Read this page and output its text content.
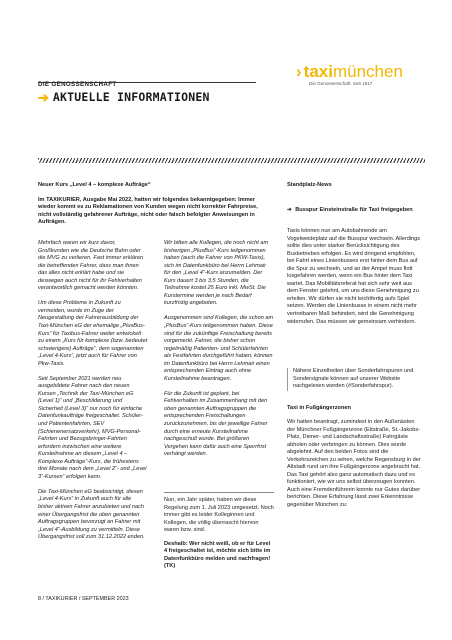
DIE GENOSSENSCHAFT
➔ AKTUELLE INFORMATIONEN
› taxi münchen
Die Genossenschaft. Seit 1917.
Neuer Kurs „Level 4 – komplexe Aufträge“
Im TAXIKURIER, Ausgabe Mai 2022, hatten wir folgendes bekanntgegeben: Immer wieder kommt es zu Reklamationen von Kunden wegen nicht korrekter Fahrpreise, nicht vollständig gefahrener Aufträge, nicht oder falsch befolgter Anweisungen in Aufträgen.

Mehrfach waren wir kurz davor, Großkunden wie die Deutsche Bahn oder die MVG zu verlieren. Fast immer erklären die betreffenden Fahrer, dass man ihnen das alles nicht erklärt habe und sie deswegen auch nicht für ihr Fehlverhalten verantwortlich gemacht werden könnten.

Um diese Probleme in Zukunft zu vermeiden, wurde im Zuge der Neugestaltung der Fahrerausbildung der Taxi-München eG der ehemalige „PlusBus-Kurs“ für Taxibus-Fahrer weiter entwickelt zu einem „Kurs für komplexe (bzw. bedeutet schwierigere) Aufträge“, dem sogenannten „Level 4-Kurs“, jetzt auch für Fahrer von Pkw-Taxis.

Seit September 2021 werden neu ausgebildete Fahrer nach den neuen Kursen „Technik der Taxi-München eG (Level 1)“ und „Beschilderung und Sicherheit (Level 3)“ nur noch für einfache Datenfunkaufträge freigeschaltet. Schüler- und Patientenfahrten, SEV (Schienenersatzverkehr), MVG-Personal-Fahrten und Bezugsbringer-Fahrten erfordern inzwischen eine weitere Kursteilnahme an diesem „Level 4 – Komplexe Aufträge“-Kurs, die frühestens drei Monate nach dem „Level 2“- und „Level 3“-Kursen“ erfolgen kann.

Die Taxi-München eG beabsichtigt, diesen „Level 4-Kurs“ in Zukunft auch für alle bisher aktiven Fahrer anzubieten und nach einer Übergangsfrist die oben genannten Auftragsgruppen bevorzugt an Fahrer mit „Level 4“-Ausbildung zu vermitteln. Diese Übergangsfrist soll zum 31.12.2022 enden.

Wir bitten alle Kollegen, die noch nicht am bisherigen „PlusBus“-Kurs teilgenommen haben (auch die Fahrer von PKW-Taxis), sich im Datenfunkbüro bei Herrn Lehmair für den „Level 4“-Kurs anzumelden. Der Kurs dauert 3 bis 3,5 Stunden, die Teilnahme kostet 25 Euro inkl. MwSt. Die Kurstermine werden je nach Bedarf kurzfristig angeboten.

Ausgenommen sind Kollegen, die schon am „PlusBus“-Kurs teilgenommen haben. Diese sind für die zukünftige Freischaltung bereits vorgemerkt. Fahrer, die bisher schon regelmäßig Patienten- und Schülerfahrten als Festfahrten durchgeführt haben, können im Datenfunkbüro bei Herrn Lehmair einen entsprechenden Eintrag auch ohne Kursteilnahme beantragen.

Für die Zukunft ist geplant, bei Fehlverhalten im Zusammenhang mit den oben genannten Auftragsgruppen die entsprechenden Freischaltungen zurückzunehmen, bis der jeweilige Fahrer durch eine erneute Kursteilnahme nachgeschult wurde. Bei größeren Vergehen kann dafür auch eine Sperrfrist verhängt werden.

Nun, ein Jahr später, haben wir diese Regelung zum 1. Juli 2023 umgesetzt. Noch immer gibt es leider Kolleginnen und Kollegen, die völlig überrascht hiervon waren bzw. sind.

Deshalb: Wer nicht weiß, ob er für Level 4 freigeschaltet ist, möchte sich bitte im Datenfunkbüro melden und nachfragen! (TK)

Standplatz-News
➔ Busspur Einsteinstraße für Taxi freigegeben
Taxis können nun am Autobahnende am Vogelweideplatz auf die Busspur wechseln. Allerdings sollte dies unter starker Berücksichtigung des Busbetriebes erfolgen. Es wird dringend empfohlen, bei Fahrt eines Linienbusses erst hinter dem Bus auf die Spur zu wechseln, und an der Ampel muss flott losgefahren werden, wenn ein Bus hinter dem Taxi wartet. Das Mobilitätsreferat hat sich sehr weit aus dem Fenster gelehnt, um uns diese Genehmigung zu erteilen. Wir dürfen sie nicht leichtfertig aufs Spiel setzen. Werden die Linienbusse in einem nicht mehr vertretbaren Maß behindert, wird die Genehmigung widerrufen. Das müssen wir gemeinsam verhindern.
Nähere Einzelheiten über Sonderfahrspuren und Sondersignale können auf unserer Website nachgelesen werden (#Sonderfahrspur).
Taxi in Fußgängerzonen
Wir hatten beantragt, zumindest in den Außenästen der Münchner Fußgängerzone (Ettstraße, St.-Jakobs-Platz, Diener- und Landschaftsstraße) Fahrgäste abholen oder verbringen zu können. Dies wurde abgelehnt. Auf den beiden Fotos sind die Verkehrszeichen zu sehen, welche Regensburg in der Altstadt rund um ihre Fußgängerzone angebracht hat. Das Taxi gehört also ganz automatisch dazu und es funktioniert, wie wir uns selbst überzeugen konnten. Auch eine Fremdenführerin konnte nur Gutes darüber berichten. Diese Erfahrung lässt zwei Erkenntnisse gegenüber München zu:
8 / TAXIKURIER / SEPTEMBER 2023
